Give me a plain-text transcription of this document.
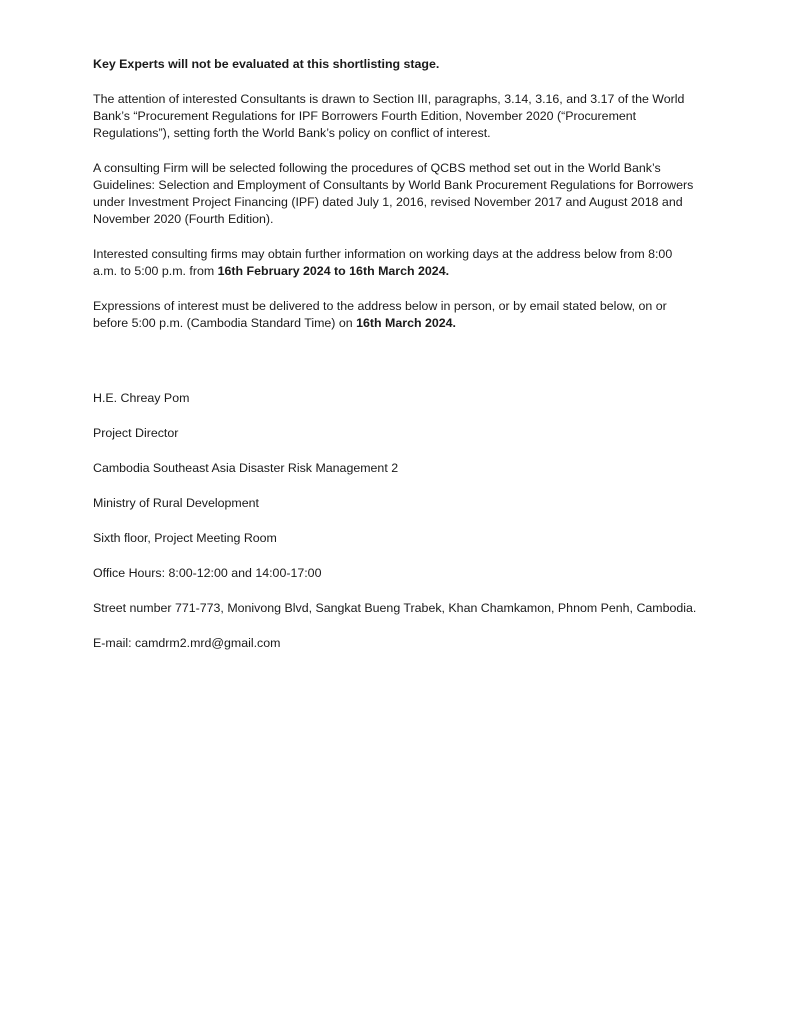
Key Experts will not be evaluated at this shortlisting stage.

The attention of interested Consultants is drawn to Section III, paragraphs, 3.14, 3.16, and 3.17 of the World Bank’s “Procurement Regulations for IPF Borrowers Fourth Edition, November 2020 (“Procurement Regulations”), setting forth the World Bank’s policy on conflict of interest.

A consulting Firm will be selected following the procedures of QCBS method set out in the World Bank’s Guidelines: Selection and Employment of Consultants by World Bank Procurement Regulations for Borrowers under Investment Project Financing (IPF) dated July 1, 2016, revised November 2017 and August 2018 and November 2020 (Fourth Edition).

Interested consulting firms may obtain further information on working days at the address below from 8:00 a.m. to 5:00 p.m. from 16th February 2024 to 16th March 2024.

Expressions of interest must be delivered to the address below in person, or by email stated below, on or before 5:00 p.m. (Cambodia Standard Time) on 16th March 2024.

H.E. Chreay Pom

Project Director

Cambodia Southeast Asia Disaster Risk Management 2

Ministry of Rural Development

Sixth floor, Project Meeting Room

Office Hours: 8:00-12:00 and 14:00-17:00

Street number 771-773, Monivong Blvd, Sangkat Bueng Trabek, Khan Chamkamon, Phnom Penh, Cambodia.

E-mail: camdrm2.mrd@gmail.com
